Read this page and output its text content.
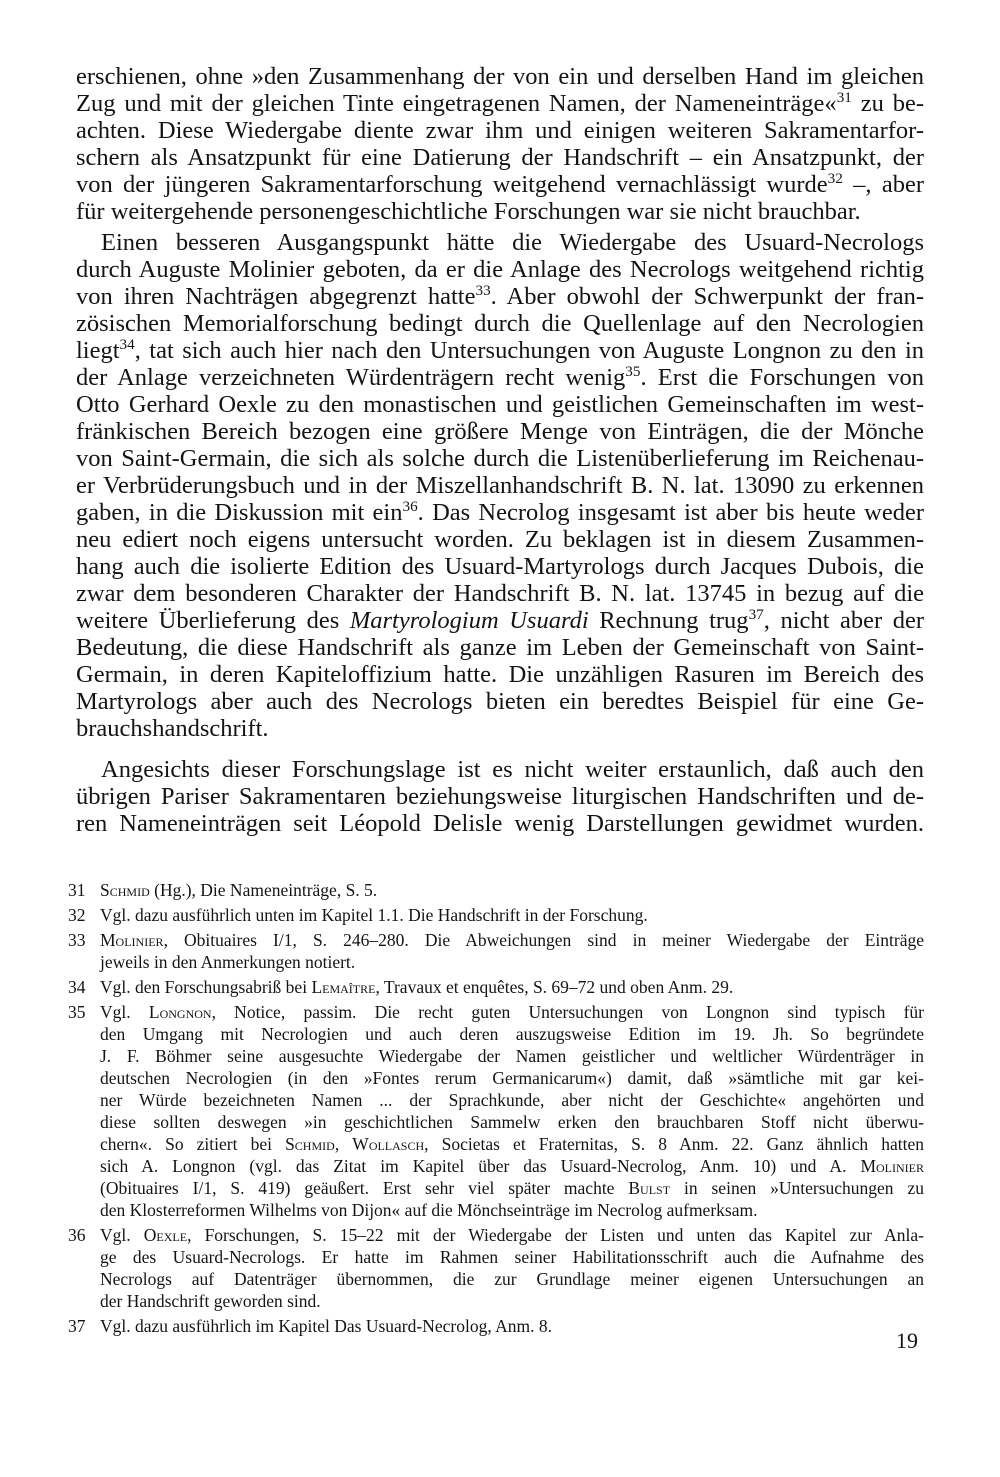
erschienen, ohne »den Zusammenhang der von ein und derselben Hand im gleichen
Zug und mit der gleichen Tinte eingetragenen Namen, der Nameneinträge«$^{31}$ zu be-
achten. Diese Wiedergabe diente zwar ihm und einigen weiteren Sakramentarfor-
schern als Ansatzpunkt für eine Datierung der Handschrift – ein Ansatzpunkt, der
von der jüngeren Sakramentarforschung weitgehend vernachlässigt wurde$^{32}$ –, aber
für weitergehende personengeschichtliche Forschungen war sie nicht brauchbar.
Einen besseren Ausgangspunkt hätte die Wiedergabe des Usuard-Necrologs
durch Auguste Molinier geboten, da er die Anlage des Necrologs weitgehend richtig
von ihren Nachträgen abgegrenzt hatte$^{33}$. Aber obwohl der Schwerpunkt der fran-
zösischen Memorialforschung bedingt durch die Quellenlage auf den Necrologien
liegt$^{34}$, tat sich auch hier nach den Untersuchungen von Auguste Longnon zu den in
der Anlage verzeichneten Würdenträgern recht wenig$^{35}$. Erst die Forschungen von
Otto Gerhard Oexle zu den monastischen und geistlichen Gemeinschaften im west-
fränkischen Bereich bezogen eine größere Menge von Einträgen, die der Mönche
von Saint-Germain, die sich als solche durch die Listenüberlieferung im Reichenau-
er Verbrüderungsbuch und in der Miszellanhandschrift B. N. lat. 13090 zu erkennen
gaben, in die Diskussion mit ein$^{36}$. Das Necrolog insgesamt ist aber bis heute weder
neu ediert noch eigens untersucht worden. Zu beklagen ist in diesem Zusammen-
hang auch die isolierte Edition des Usuard-Martyrologs durch Jacques Dubois, die
zwar dem besonderen Charakter der Handschrift B. N. lat. 13745 in bezug auf die
weitere Überlieferung des Martyrologium Usuardi Rechnung trug$^{37}$, nicht aber der
Bedeutung, die diese Handschrift als ganze im Leben der Gemeinschaft von Saint-
Germain, in deren Kapiteloffizium hatte. Die unzähligen Rasuren im Bereich des
Martyrologs aber auch des Necrologs bieten ein beredtes Beispiel für eine Ge-
brauchshandschrift.
Angesichts dieser Forschungslage ist es nicht weiter erstaunlich, daß auch den
übrigen Pariser Sakramentaren beziehungsweise liturgischen Handschriften und de-
ren Nameneinträgen seit Léopold Delisle wenig Darstellungen gewidmet wurden.
31 Schmid (Hg.), Die Nameneinträge, S. 5.
32 Vgl. dazu ausführlich unten im Kapitel 1.1. Die Handschrift in der Forschung.
33 Molinier, Obituaires I/1, S. 246–280. Die Abweichungen sind in meiner Wiedergabe der Einträge
jeweils in den Anmerkungen notiert.
34 Vgl. den Forschungsabriß bei Lemaître, Travaux et enquêtes, S. 69–72 und oben Anm. 29.
35 Vgl. Longnon, Notice, passim. Die recht guten Untersuchungen von Longnon sind typisch für
den Umgang mit Necrologien und auch deren auszugsweise Edition im 19. Jh. So begründete
J. F. Böhmer seine ausgesuchte Wiedergabe der Namen geistlicher und weltlicher Würdenträger in
deutschen Necrologien (in den »Fontes rerum Germanicarum«) damit, daß »sämtliche mit gar kei-
ner Würde bezeichneten Namen ... der Sprachkunde, aber nicht der Geschichte« angehörten und
diese sollten deswegen »in geschichtlichen Sammelw erken den brauchbaren Stoff nicht überwu-
chern«. So zitiert bei Schmid, Wollasch, Societas et Fraternitas, S. 8 Anm. 22. Ganz ähnlich hatten
sich A. Longnon (vgl. das Zitat im Kapitel über das Usuard-Necrolog, Anm. 10) und A. Molinier
(Obituaires I/1, S. 419) geäußert. Erst sehr viel später machte Bulst in seinen »Untersuchungen zu
den Klosterreformen Wilhelms von Dijon« auf die Mönchseinträge im Necrolog aufmerksam.
36 Vgl. Oexle, Forschungen, S. 15–22 mit der Wiedergabe der Listen und unten das Kapitel zur Anla-
ge des Usuard-Necrologs. Er hatte im Rahmen seiner Habilitationsschrift auch die Aufnahme des
Necrologs auf Datenträger übernommen, die zur Grundlage meiner eigenen Untersuchungen an
der Handschrift geworden sind.
37 Vgl. dazu ausführlich im Kapitel Das Usuard-Necrolog, Anm. 8.
19
